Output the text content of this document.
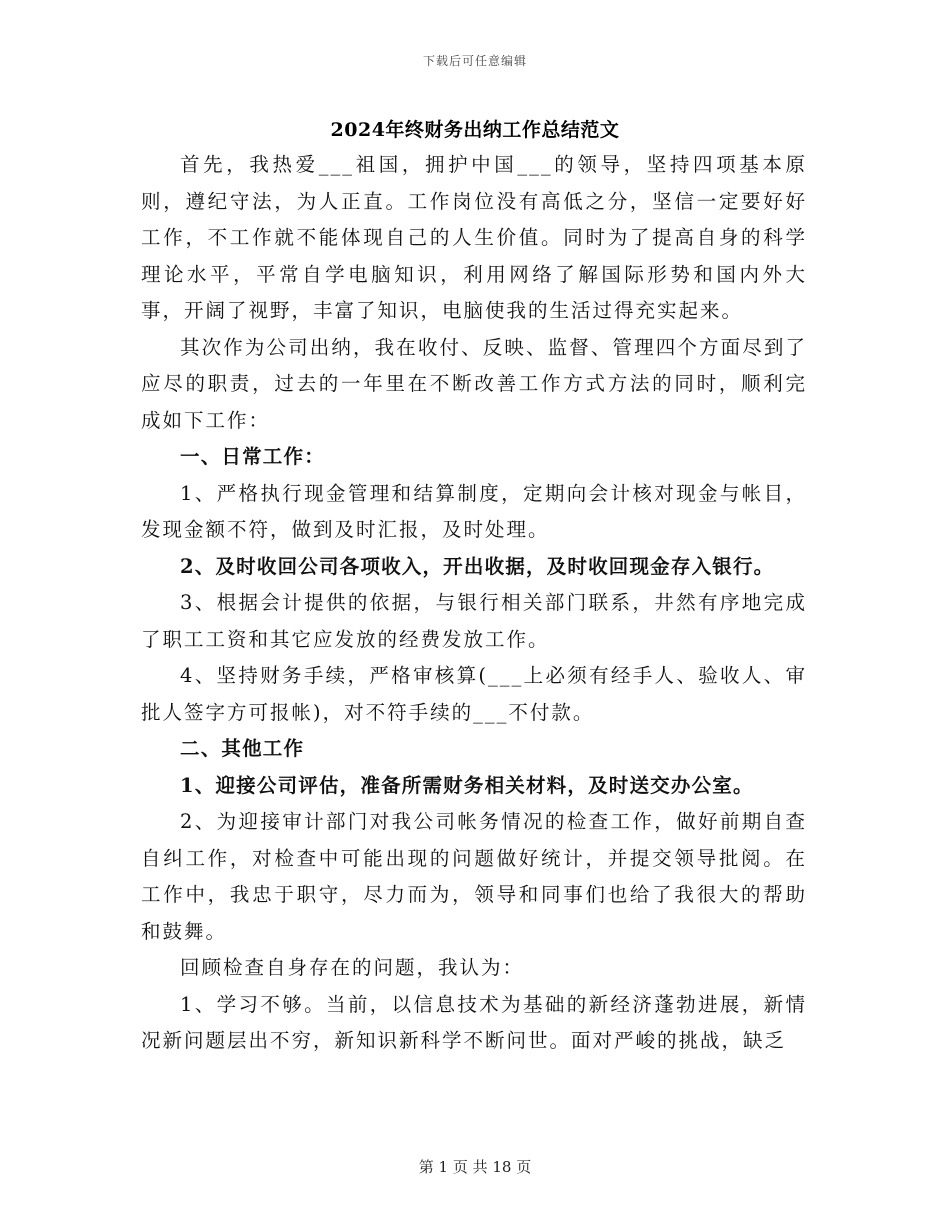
下载后可任意编辑
2024年终财务出纳工作总结范文

首先，我热爱___祖国，拥护中国___的领导，坚持四项基本原则，遵纪守法，为人正直。工作岗位没有高低之分，坚信一定要好好工作，不工作就不能体现自己的人生价值。同时为了提高自身的科学理论水平，平常自学电脑知识，利用网络了解国际形势和国内外大事，开阔了视野，丰富了知识，电脑使我的生活过得充实起来。

其次作为公司出纳，我在收付、反映、监督、管理四个方面尽到了应尽的职责，过去的一年里在不断改善工作方式方法的同时，顺利完成如下工作：

一、日常工作：

1、严格执行现金管理和结算制度，定期向会计核对现金与帐目，发现金额不符，做到及时汇报，及时处理。

2、及时收回公司各项收入，开出收据，及时收回现金存入银行。

3、根据会计提供的依据，与银行相关部门联系，井然有序地完成了职工工资和其它应发放的经费发放工作。

4、坚持财务手续，严格审核算(___上必须有经手人、验收人、审批人签字方可报帐)，对不符手续的___不付款。

二、其他工作

1、迎接公司评估，准备所需财务相关材料，及时送交办公室。

2、为迎接审计部门对我公司帐务情况的检查工作，做好前期自查自纠工作，对检查中可能出现的问题做好统计，并提交领导批阅。在工作中，我忠于职守，尽力而为，领导和同事们也给了我很大的帮助和鼓舞。

回顾检查自身存在的问题，我认为：

1、学习不够。当前，以信息技术为基础的新经济蓬勃进展，新情况新问题层出不穷，新知识新科学不断问世。面对严峻的挑战，缺乏

第 1 页 共 18 页
